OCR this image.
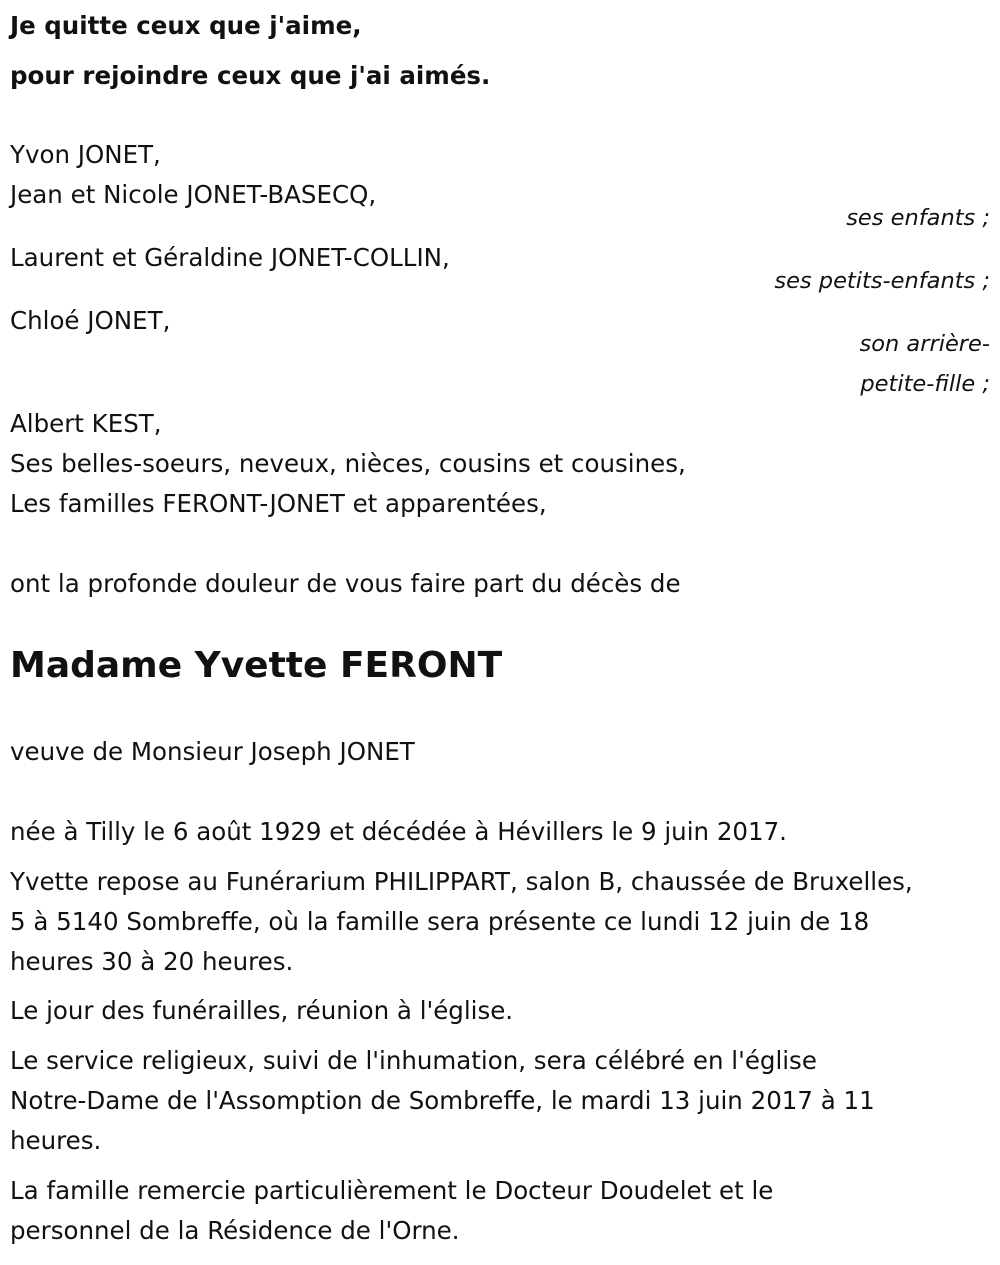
Je quitte ceux que j'aime,

pour rejoindre ceux que j'ai aimés.

Yvon JONET,

Jean et Nicole JONET-BASECQ,

ses enfants ;

Laurent et Géraldine JONET-COLLIN,

ses petits-enfants ;

Chloé JONET,

son arrière-

petite-fille ;

Albert KEST,

Ses belles-soeurs, neveux, nièces, cousins et cousines,

Les familles FERONT-JONET et apparentées,

ont la profonde douleur de vous faire part du décès de

Madame Yvette FERONT

veuve de Monsieur Joseph JONET

née à Tilly le 6 août 1929 et décédée à Hévillers le 9 juin 2017.

Yvette repose au Funérarium PHILIPPART, salon B, chaussée de Bruxelles,

5 à 5140 Sombreffe, où la famille sera présente ce lundi 12 juin de 18

heures 30 à 20 heures.

Le jour des funérailles, réunion à l'église.

Le service religieux, suivi de l'inhumation, sera célébré en l'église

Notre-Dame de l'Assomption de Sombreffe, le mardi 13 juin 2017 à 11

heures.

La famille remercie particulièrement le Docteur Doudelet et le

personnel de la Résidence de l'Orne.
